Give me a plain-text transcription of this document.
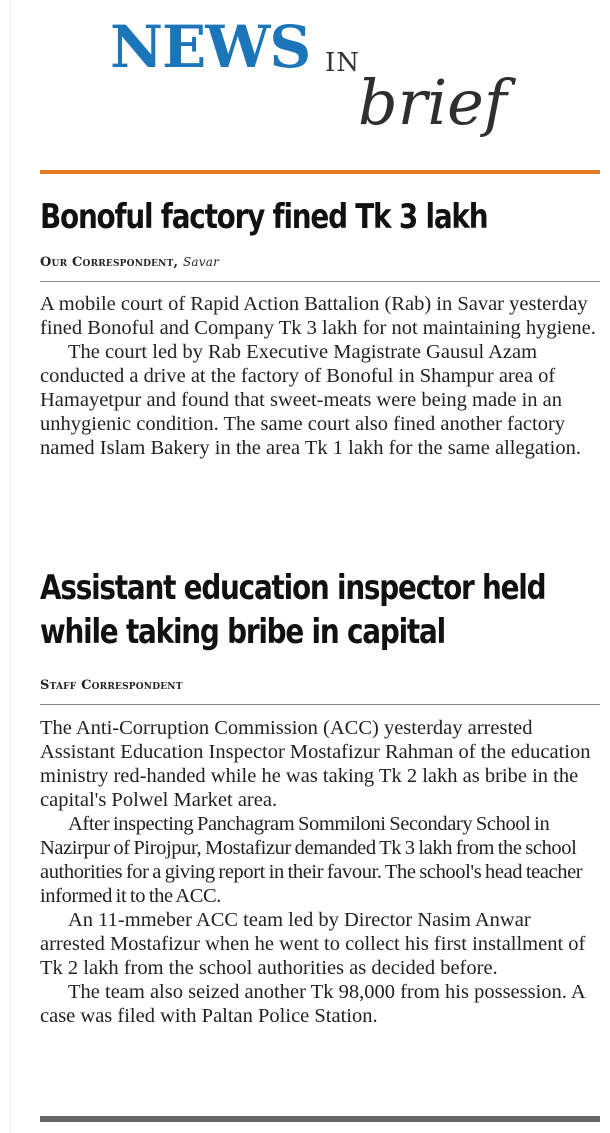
NEWS IN
brief
Bonoful factory fined Tk 3 lakh
Our Correspondent, Savar

A mobile court of Rapid Action Battalion (Rab) in Savar yesterday fined Bonoful and Company Tk 3 lakh for not maintaining hygiene.

The court led by Rab Executive Magistrate Gausul Azam conducted a drive at the factory of Bonoful in Shampur area of Hamayetpur and found that sweet-meats were being made in an unhygienic condition. The same court also fined another factory named Islam Bakery in the area Tk 1 lakh for the same allegation.

Assistant education inspector held while taking bribe in capital
Staff Correspondent

The Anti-Corruption Commission (ACC) yesterday arrested Assistant Education Inspector Mostafizur Rahman of the education ministry red-handed while he was taking Tk 2 lakh as bribe in the capital's Polwel Market area.

After inspecting Panchagram Sommiloni Secondary School in Nazirpur of Pirojpur, Mostafizur demanded Tk 3 lakh from the school authorities for a giving report in their favour. The school's head teacher informed it to the ACC.

An 11-mmeber ACC team led by Director Nasim Anwar arrested Mostafizur when he went to collect his first installment of Tk 2 lakh from the school authorities as decided before.

The team also seized another Tk 98,000 from his possession. A case was filed with Paltan Police Station.
